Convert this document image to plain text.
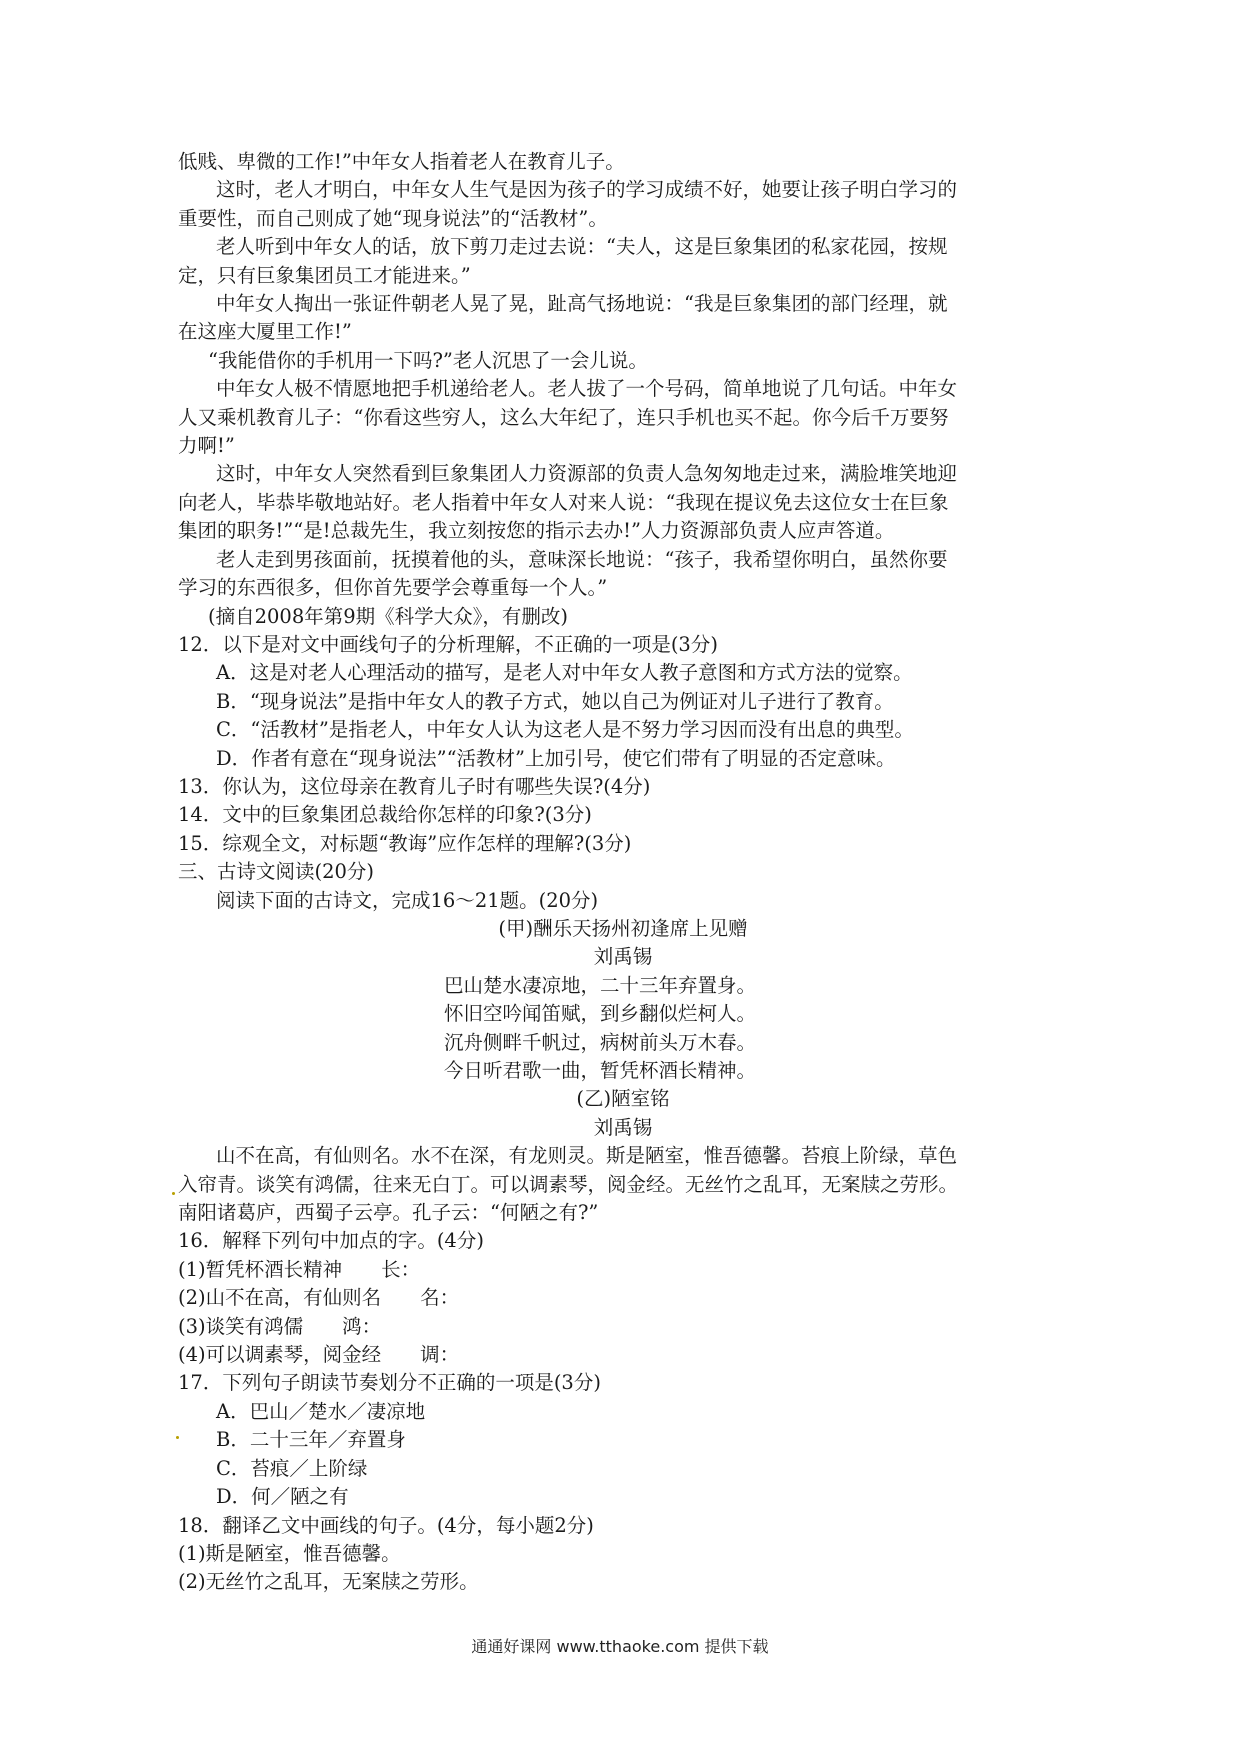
低贱、卑微的工作!”中年女人指着老人在教育儿子。
这时，老人才明白，中年女人生气是因为孩子的学习成绩不好，她要让孩子明白学习的
重要性，而自己则成了她“现身说法”的“活教材”。
老人听到中年女人的话，放下剪刀走过去说：“夫人，这是巨象集团的私家花园，按规
定，只有巨象集团员工才能进来。”
中年女人掏出一张证件朝老人晃了晃，趾高气扬地说：“我是巨象集团的部门经理，就
在这座大厦里工作!”
“我能借你的手机用一下吗?”老人沉思了一会儿说。
中年女人极不情愿地把手机递给老人。老人拔了一个号码，简单地说了几句话。中年女
人又乘机教育儿子：“你看这些穷人，这么大年纪了，连只手机也买不起。你今后千万要努
力啊!”
这时，中年女人突然看到巨象集团人力资源部的负责人急匆匆地走过来，满脸堆笑地迎
向老人，毕恭毕敬地站好。老人指着中年女人对来人说：“我现在提议免去这位女士在巨象
集团的职务!”“是!总裁先生，我立刻按您的指示去办!”人力资源部负责人应声答道。
老人走到男孩面前，抚摸着他的头，意味深长地说：“孩子，我希望你明白，虽然你要
学习的东西很多，但你首先要学会尊重每一个人。”
(摘自2008年第9期《科学大众》，有删改)
12．以下是对文中画线句子的分析理解，不正确的一项是(3分)
A．这是对老人心理活动的描写，是老人对中年女人教子意图和方式方法的觉察。
B．“现身说法”是指中年女人的教子方式，她以自己为例证对儿子进行了教育。
C．“活教材”是指老人，中年女人认为这老人是不努力学习因而没有出息的典型。
D．作者有意在“现身说法”“活教材”上加引号，使它们带有了明显的否定意味。
13．你认为，这位母亲在教育儿子时有哪些失误?(4分)
14．文中的巨象集团总裁给你怎样的印象?(3分)
15．综观全文，对标题“教诲”应作怎样的理解?(3分)
三、古诗文阅读(20分)
阅读下面的古诗文，完成16～21题。(20分)
(甲)酬乐天扬州初逢席上见赠
刘禹锡
巴山楚水凄凉地，二十三年弃置身。
怀旧空吟闻笛赋，到乡翻似烂柯人。
沉舟侧畔千帆过，病树前头万木春。
今日听君歌一曲，暂凭杯酒长精神。
(乙)陋室铭
刘禹锡
山不在高，有仙则名。水不在深，有龙则灵。斯是陋室，惟吾德馨。苔痕上阶绿，草色
入帘青。谈笑有鸿儒，往来无白丁。可以调素琴，阅金经。无丝竹之乱耳，无案牍之劳形。
南阳诸葛庐，西蜀子云亭。孔子云：“何陋之有?”
16．解释下列句中加点的字。(4分)
(1)暂凭杯酒长精神　　长：
(2)山不在高，有仙则名　　名：
(3)谈笑有鸿儒　　鸿：
(4)可以调素琴，阅金经　　调：
17．下列句子朗读节奏划分不正确的一项是(3分)
A．巴山／楚水／凄凉地
B．二十三年／弃置身
C．苔痕／上阶绿
D．何／陋之有
18．翻译乙文中画线的句子。(4分，每小题2分)
(1)斯是陋室，惟吾德馨。
(2)无丝竹之乱耳，无案牍之劳形。
通通好课网 www.tthaoke.com 提供下载
